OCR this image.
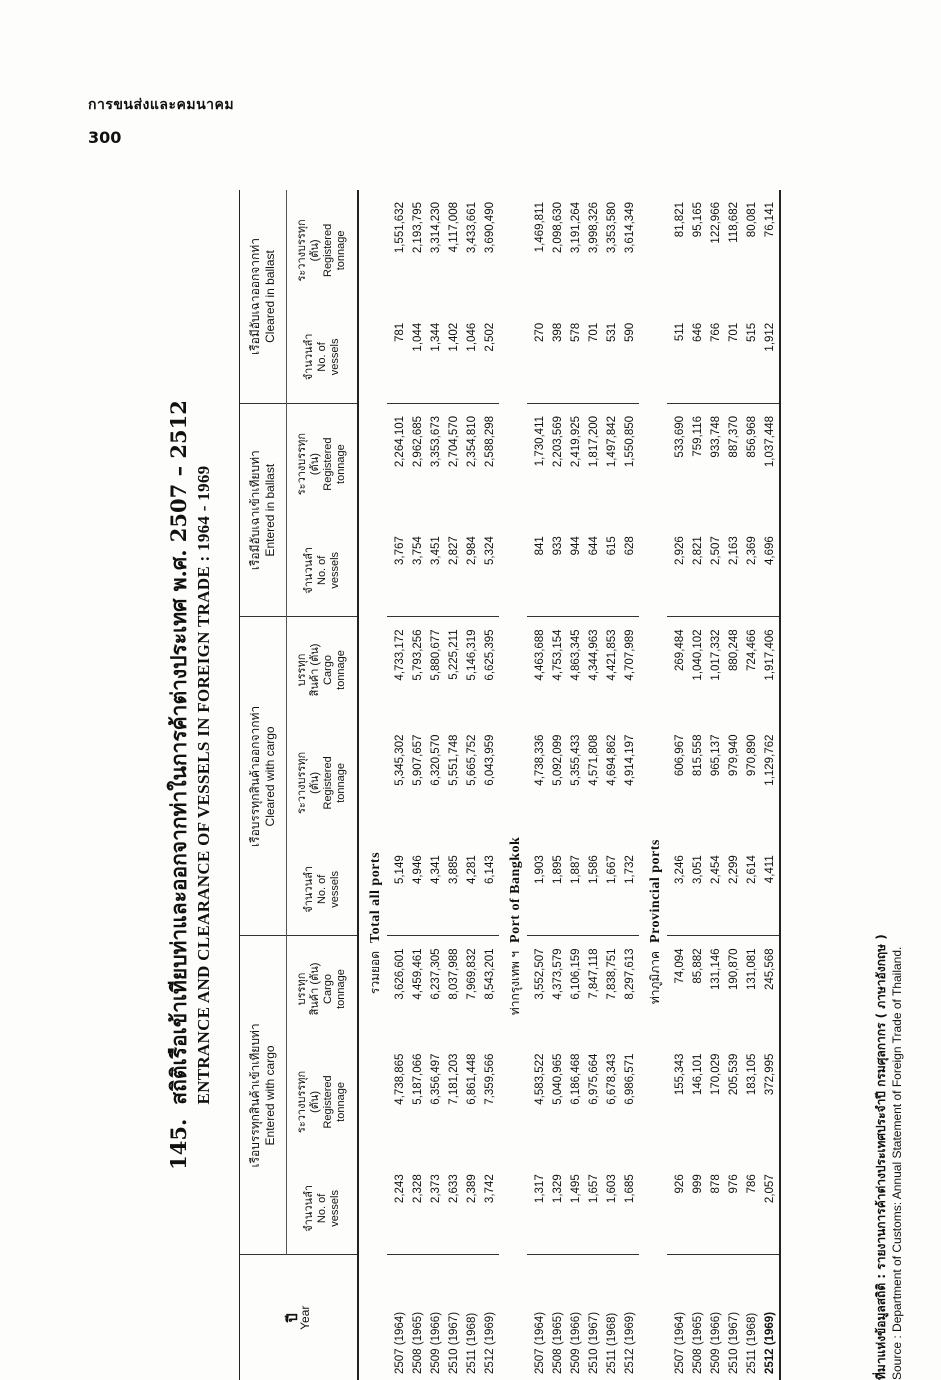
การขนส่งและคมนาคม
300
145.สถิติเรือเข้าเทียบท่าและออกจากท่าในการค้าต่างประเทศ พ.ศ. 2507 – 2512 ENTRANCE AND CLEARANCE OF VESSELS IN FOREIGN TRADE : 1964 - 1969
ปี
Year	เรือบรรทุกสินค้าเข้าเทียบท่า Entered with cargo			เรือบรรทุกสินค้าออกจากท่า Cleared with cargo			เรือมีอับเฉาเข้าเทียบท่า Entered in ballast		เรือมีอับเฉาออกจากท่า Cleared in ballast	

	จำนวนลำ No. of vessels	ระวางบรรทุก (ตัน) Registered tonnage	บรรทุก สินค้า (ตัน) Cargo tonnage	จำนวนลำ No. of vessels	ระวางบรรทุก (ตัน) Registered tonnage	บรรทุก สินค้า (ตัน) Cargo tonnage	จำนวนลำ No. of vessels	ระวางบรรทุก (ตัน) Registered tonnage	จำนวนลำ No. of vessels	ระวางบรรทุก (ตัน) Registered tonnage

	รวมยอดTotal all ports									
2507 (1964)	2,243	4,738,865	3,626,601	5,149	5,345,302	4,733,172	3,767	2,264,101	781	1,551,632
2508 (1965)	2,328	5,187,066	4,459,461	4,946	5,907,657	5,793,256	3,754	2,962,685	1,044	2,193,795
2509 (1966)	2,373	6,356,497	6,237,305	4,341	6,320,570	5,880,677	3,451	3,353,673	1,344	3,314,230
2510 (1967)	2,633	7,181,203	8,037,988	3,885	5,551,748	5,225,211	2,827	2,704,570	1,402	4,117,008
2511 (1968)	2,389	6,861,448	7,969,832	4,281	5,665,752	5,146,319	2,984	2,354,810	1,046	3,433,661
2512 (1969)	3,742	7,359,566	8,543,201	6,143	6,043,959	6,625,395	5,324	2,588,298	2,502	3,690,490
	ท่ากรุงเทพ ฯPort of Bangkok									
2507 (1964)	1,317	4,583,522	3,552,507	1,903	4,738,336	4,463,688	841	1,730,411	270	1,469,811
2508 (1965)	1,329	5,040,965	4,373,579	1,895	5,092,099	4,753,154	933	2,203,569	398	2,098,630
2509 (1966)	1,495	6,186,468	6,106,159	1,887	5,355,433	4,863,345	944	2,419,925	578	3,191,264
2510 (1967)	1,657	6,975,664	7,847,118	1,586	4,571,808	4,344,963	644	1,817,200	701	3,998,326
2511 (1968)	1,603	6,678,343	7,838,751	1,667	4,694,862	4,421,853	615	1,497,842	531	3,353,580
2512 (1969)	1,685	6,986,571	8,297,613	1,732	4,914,197	4,707,989	628	1,550,850	590	3,614,349
	ท่าภูมิภาคProvincial ports									
2507 (1964)	926	155,343	74,094	3,246	606,967	269,484	2,926	533,690	511	81,821
2508 (1965)	999	146,101	85,882	3,051	815,558	1,040,102	2,821	759,116	646	95,165
2509 (1966)	878	170,029	131,146	2,454	965,137	1,017,332	2,507	933,748	766	122,966
2510 (1967)	976	205,539	190,870	2,299	979,940	880,248	2,163	887,370	701	118,682
2511 (1968)	786	183,105	131,081	2,614	970,890	724,466	2,369	856,968	515	80,081
2512 (1969)	2,057	372,995	245,568	4,411	1,129,762	1,917,406	4,696	1,037,448	1,912	76,141
ที่มาแห่งข้อมูลสถิติ : รายงานการค้าต่างประเทศประจำปี กรมศุลกากร ( ภาษาอังกฤษ ) Source : Department of Customs: Annual Statement of Foreign Trade of Thailand.
